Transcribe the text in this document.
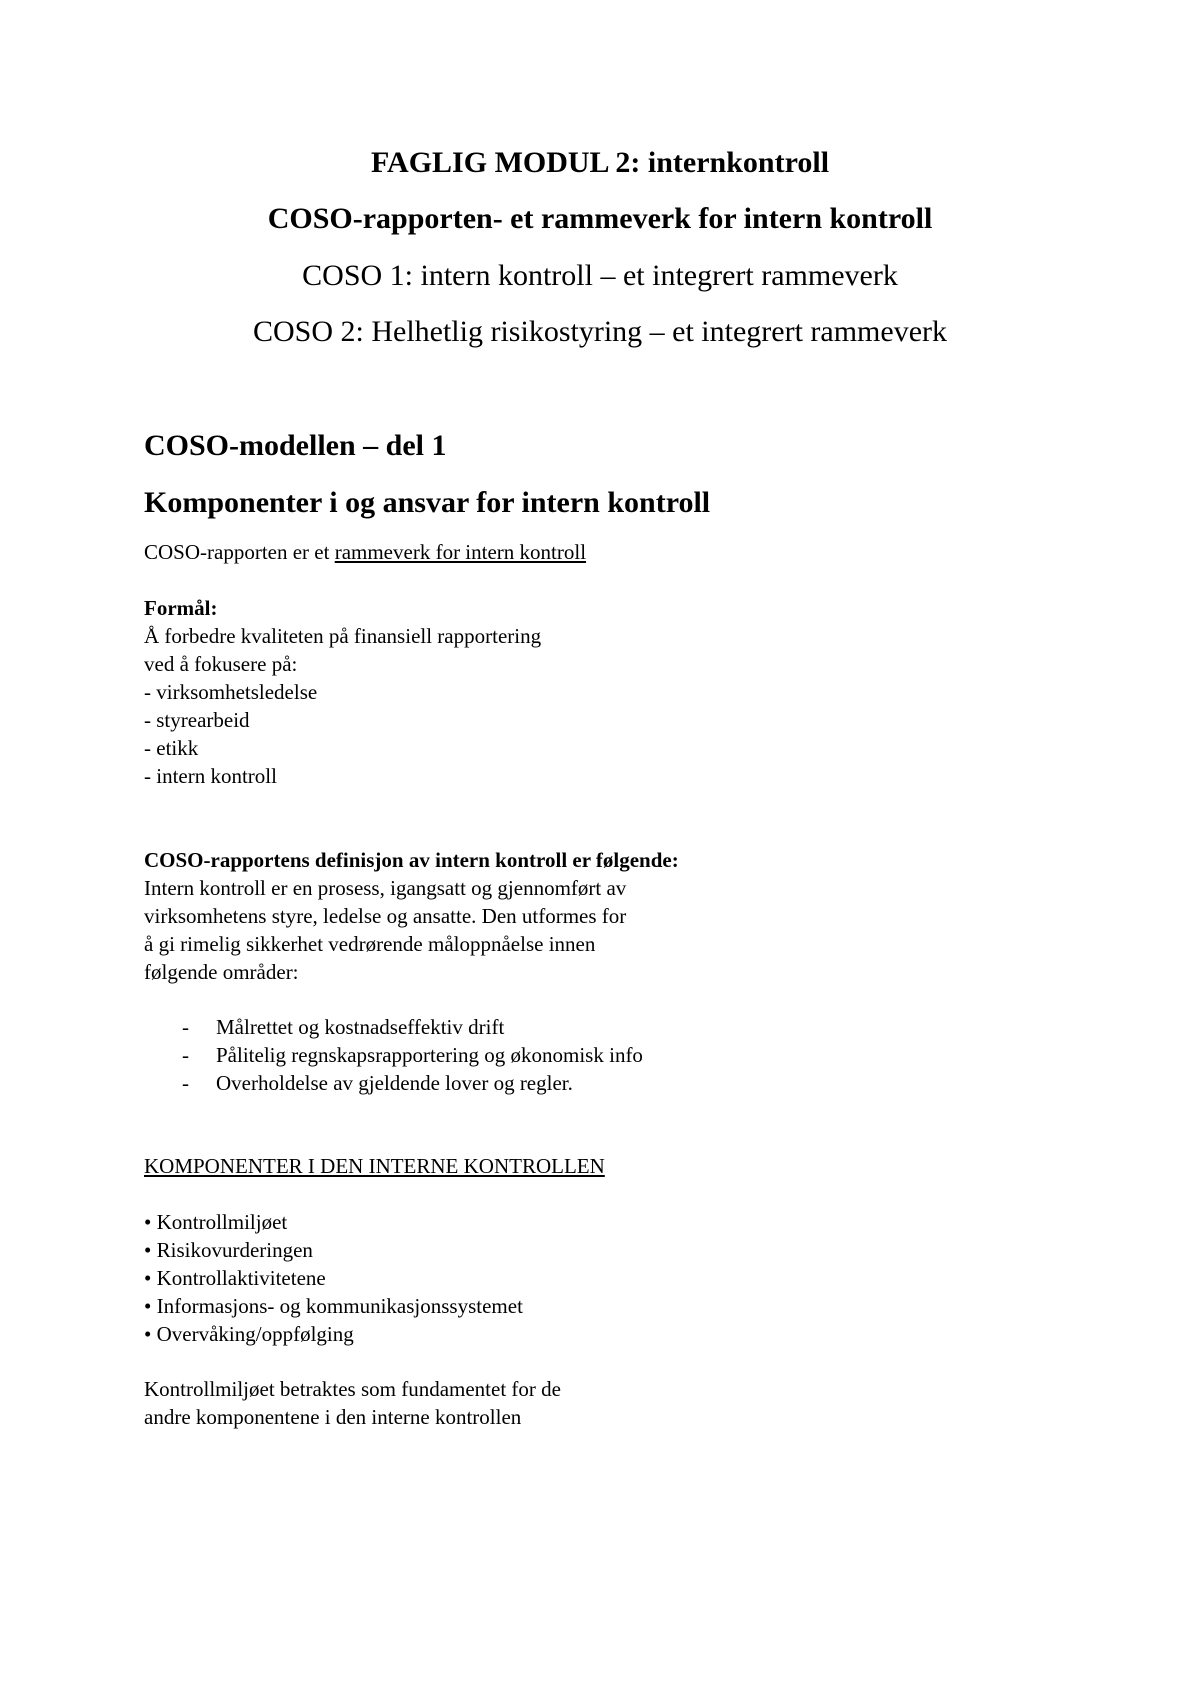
FAGLIG MODUL 2: internkontroll
COSO-rapporten- et rammeverk for intern kontroll
COSO 1: intern kontroll – et integrert rammeverk
COSO 2: Helhetlig risikostyring – et integrert rammeverk
COSO-modellen – del 1
Komponenter i og ansvar for intern kontroll
COSO-rapporten er et rammeverk for intern kontroll
Formål:
Å forbedre kvaliteten på finansiell rapportering
ved å fokusere på:
- virksomhetsledelse
- styrearbeid
- etikk
- intern kontroll
COSO-rapportens definisjon av intern kontroll er følgende:
Intern kontroll er en prosess, igangsatt og gjennomført av
virksomhetens styre, ledelse og ansatte. Den utformes for
å gi rimelig sikkerhet vedrørende måloppnåelse innen
følgende områder:
-	Målrettet og kostnadseffektiv drift
-	Pålitelig regnskapsrapportering og økonomisk info
-	Overholdelse av gjeldende lover og regler.
KOMPONENTER I DEN INTERNE KONTROLLEN
• Kontrollmiljøet
• Risikovurderingen
• Kontrollaktivitetene
• Informasjons- og kommunikasjonssystemet
• Overvåking/oppfølging
Kontrollmiljøet betraktes som fundamentet for de
andre komponentene i den interne kontrollen
